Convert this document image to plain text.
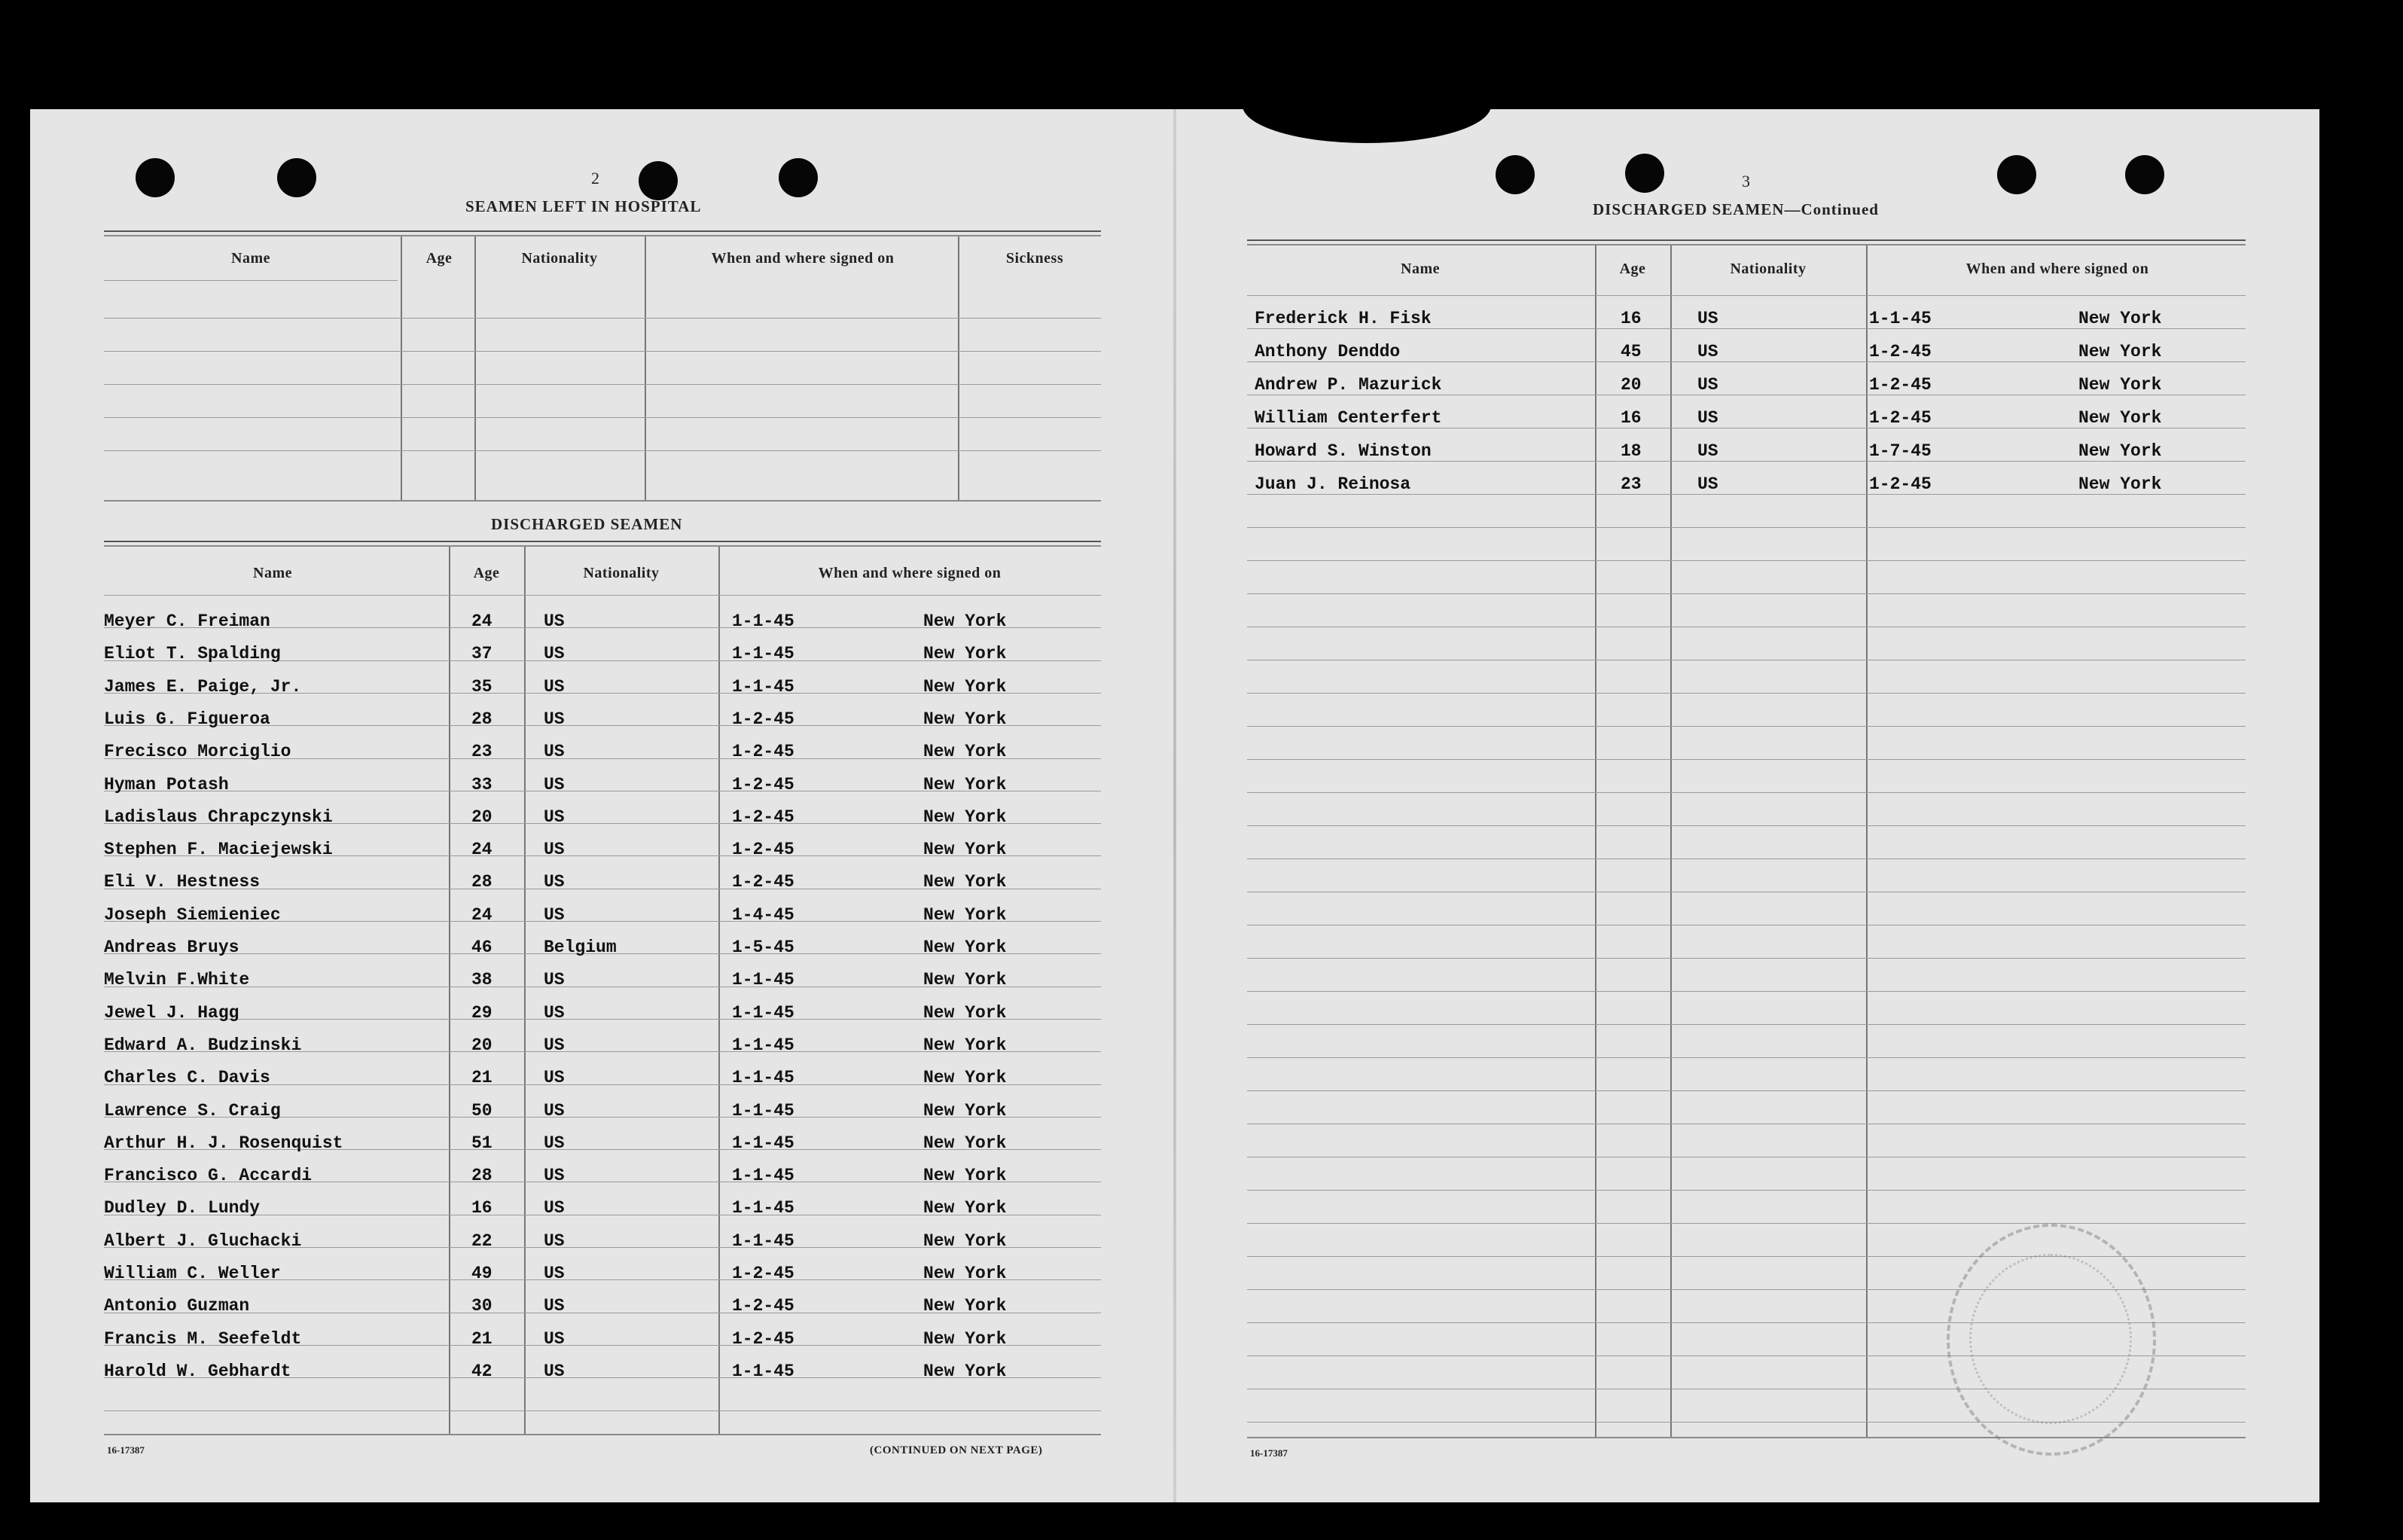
2
SEAMEN LEFT IN HOSPITAL
Name	Age	Nationality	When and where signed on	Sickness
DISCHARGED SEAMEN
Name	Age	Nationality	When and where signed on
Meyer C. Freiman	24	US	1-1-45	New York
Eliot T. Spalding	37	US	1-1-45	New York
James E. Paige, Jr.	35	US	1-1-45	New York
Luis G. Figueroa	28	US	1-2-45	New York
Frecisco Morciglio	23	US	1-2-45	New York
Hyman Potash	33	US	1-2-45	New York
Ladislaus Chrapczynski	20	US	1-2-45	New York
Stephen F. Maciejewski	24	US	1-2-45	New York
Eli V. Hestness	28	US	1-2-45	New York
Joseph Siemieniec	24	US	1-4-45	New York
Andreas Bruys	46	Belgium	1-5-45	New York
Melvin F.White	38	US	1-1-45	New York
Jewel J. Hagg	29	US	1-1-45	New York
Edward A. Budzinski	20	US	1-1-45	New York
Charles C. Davis	21	US	1-1-45	New York
Lawrence S. Craig	50	US	1-1-45	New York
Arthur H. J. Rosenquist	51	US	1-1-45	New York
Francisco G. Accardi	28	US	1-1-45	New York
Dudley D. Lundy	16	US	1-1-45	New York
Albert J. Gluchacki	22	US	1-1-45	New York
William C. Weller	49	US	1-2-45	New York
Antonio Guzman	30	US	1-2-45	New York
Francis M. Seefeldt	21	US	1-2-45	New York
Harold W. Gebhardt	42	US	1-1-45	New York
16-17387	(CONTINUED ON NEXT PAGE)
3
DISCHARGED SEAMEN—Continued
Name	Age	Nationality	When and where signed on
Frederick H. Fisk	16	US	1-1-45	New York
Anthony Denddo	45	US	1-2-45	New York
Andrew P. Mazurick	20	US	1-2-45	New York
William Centerfert	16	US	1-2-45	New York
Howard S. Winston	18	US	1-7-45	New York
Juan J. Reinosa	23	US	1-2-45	New York
16-17387
